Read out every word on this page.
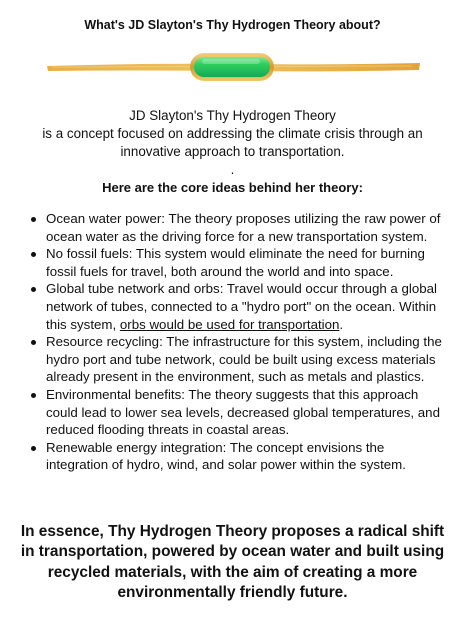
What's JD Slayton's Thy Hydrogen Theory about?

JD Slayton's Thy Hydrogen Theory

is a concept focused on addressing the climate crisis through an innovative approach to transportation.

.

Here are the core ideas behind her theory:

Ocean water power: The theory proposes utilizing the raw power of ocean water as the driving force for a new transportation system.
No fossil fuels: This system would eliminate the need for burning fossil fuels for travel, both around the world and into space.
Global tube network and orbs: Travel would occur through a global network of tubes, connected to a "hydro port" on the ocean. Within this system, orbs would be used for transportation.
Resource recycling: The infrastructure for this system, including the hydro port and tube network, could be built using excess materials already present in the environment, such as metals and plastics.
Environmental benefits: The theory suggests that this approach could lead to lower sea levels, decreased global temperatures, and reduced flooding threats in coastal areas.
Renewable energy integration: The concept envisions the integration of hydro, wind, and solar power within the system.
In essence, Thy Hydrogen Theory proposes a radical shift in transportation, powered by ocean water and built using recycled materials, with the aim of creating a more environmentally friendly future.
